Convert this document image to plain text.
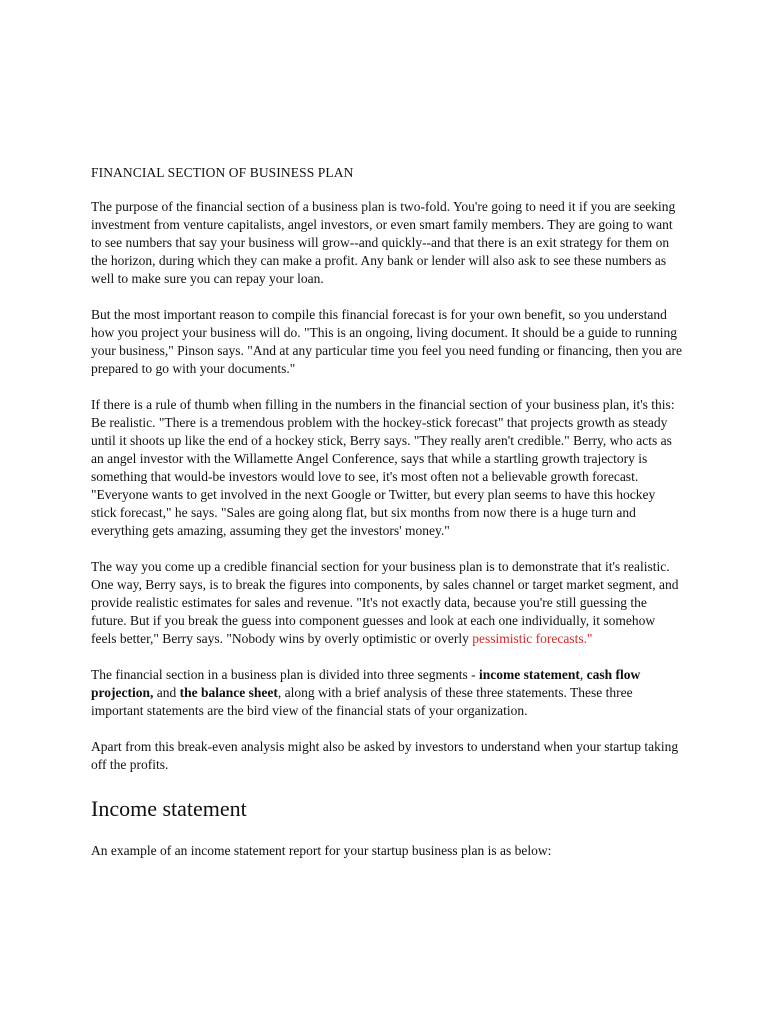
FINANCIAL SECTION OF BUSINESS PLAN

The purpose of the financial section of a business plan is two-fold. You're going to need it if you are seeking investment from venture capitalists, angel investors, or even smart family members. They are going to want to see numbers that say your business will grow--and quickly--and that there is an exit strategy for them on the horizon, during which they can make a profit. Any bank or lender will also ask to see these numbers as well to make sure you can repay your loan.

But the most important reason to compile this financial forecast is for your own benefit, so you understand how you project your business will do. "This is an ongoing, living document. It should be a guide to running your business," Pinson says. "And at any particular time you feel you need funding or financing, then you are prepared to go with your documents."

If there is a rule of thumb when filling in the numbers in the financial section of your business plan, it's this: Be realistic. "There is a tremendous problem with the hockey-stick forecast" that projects growth as steady until it shoots up like the end of a hockey stick, Berry says. "They really aren't credible." Berry, who acts as an angel investor with the Willamette Angel Conference, says that while a startling growth trajectory is something that would-be investors would love to see, it's most often not a believable growth forecast. "Everyone wants to get involved in the next Google or Twitter, but every plan seems to have this hockey stick forecast," he says. "Sales are going along flat, but six months from now there is a huge turn and everything gets amazing, assuming they get the investors' money."

The way you come up a credible financial section for your business plan is to demonstrate that it's realistic. One way, Berry says, is to break the figures into components, by sales channel or target market segment, and provide realistic estimates for sales and revenue. "It's not exactly data, because you're still guessing the future. But if you break the guess into component guesses and look at each one individually, it somehow feels better," Berry says. "Nobody wins by overly optimistic or overly pessimistic forecasts."

The financial section in a business plan is divided into three segments - income statement, cash flow projection, and the balance sheet, along with a brief analysis of these three statements. These three important statements are the bird view of the financial stats of your organization.

Apart from this break-even analysis might also be asked by investors to understand when your startup taking off the profits.

Income statement

An example of an income statement report for your startup business plan is as below:
